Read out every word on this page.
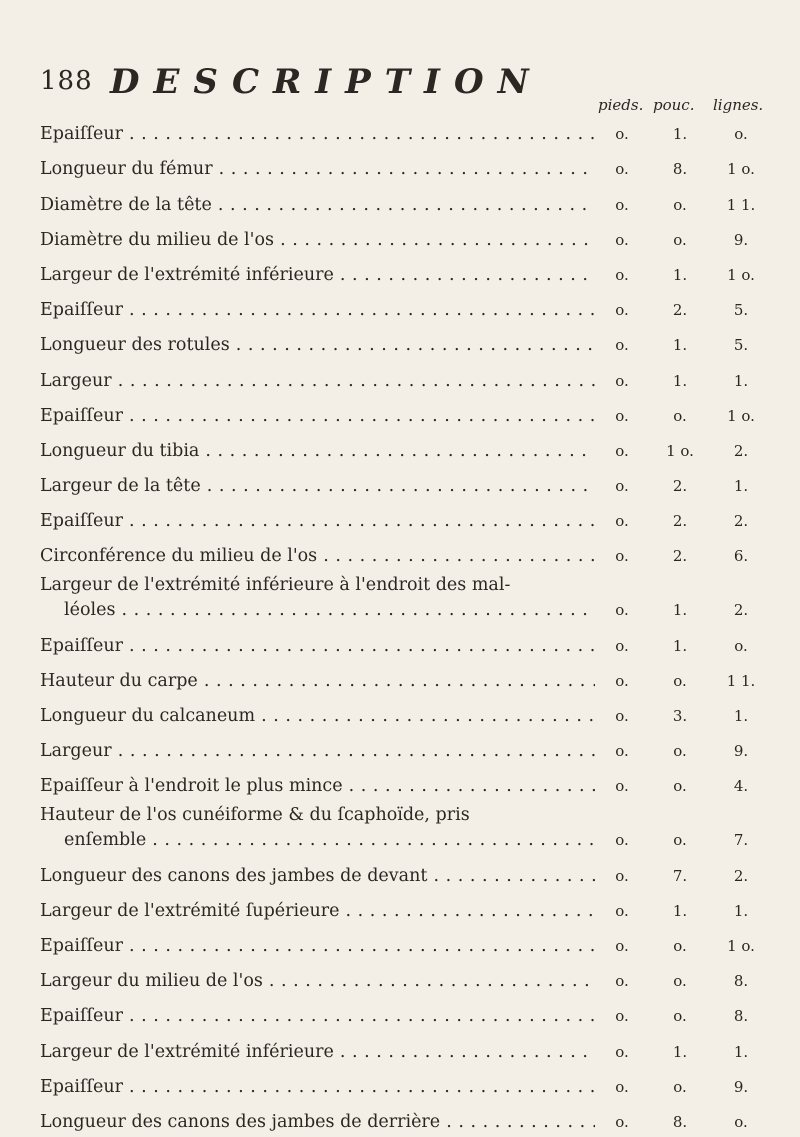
188 DESCRIPTION
pieds. pouc. lignes.
Epaiſſeur . . .	o.	1.	o.
Longueur du fémur . . .	o.	8.	1 o.
Diamètre de la tête . . .	o.	o.	1 1.
Diamètre du milieu de l'os . . .	o.	o.	9.
Largeur de l'extrémité inférieure . . .	o.	1.	1 o.
Epaiſſeur . . .	o.	2.	5.
Longueur des rotules . . .	o.	1.	5.
Largeur . . .	o.	1.	1.
Epaiſſeur . . .	o.	o.	1 o.
Longueur du tibia . . .	o.	1 o.	2.
Largeur de la tête . . .	o.	2.	1.
Epaiſſeur . . .	o.	2.	2.
Circonférence du milieu de l'os . . .	o.	2.	6.
Largeur de l'extrémité inférieure à l'endroit des mal-
léoles . . .	o.	1.	2.
Epaiſſeur . . .	o.	1.	o.
Hauteur du carpe . . .	o.	o.	1 1.
Longueur du calcaneum . . .	o.	3.	1.
Largeur . . .	o.	o.	9.
Epaiſſeur à l'endroit le plus mince . . .	o.	o.	4.
Hauteur de l'os cunéiforme & du ſcaphoïde, pris
enſemble . . .	o.	o.	7.
Longueur des canons des jambes de devant . . .	o.	7.	2.
Largeur de l'extrémité ſupérieure . . .	o.	1.	1.
Epaiſſeur . . .	o.	o.	1 o.
Largeur du milieu de l'os . . .	o.	o.	8.
Epaiſſeur . . .	o.	o.	8.
Largeur de l'extrémité inférieure . . .	o.	1.	1.
Epaiſſeur . . .	o.	o.	9.
Longueur des canons des jambes de derrière . . .	o.	8.	o.
